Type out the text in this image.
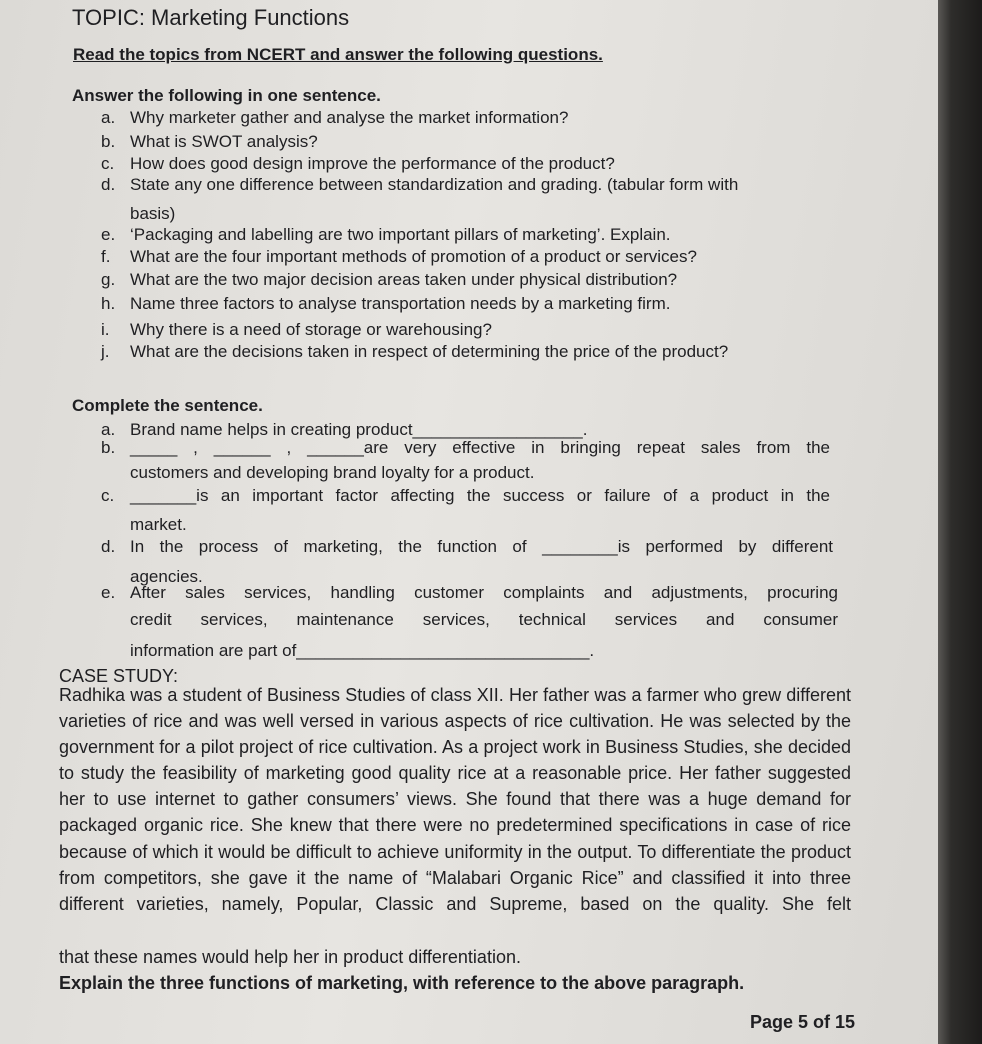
TOPIC: Marketing Functions
Read the topics from NCERT and answer the following questions.
Answer the following in one sentence.
a. Why marketer gather and analyse the market information?
b. What is SWOT analysis?
c. How does good design improve the performance of the product?
d. State any one difference between standardization and grading. (tabular form with
basis)
e. ‘Packaging and labelling are two important pillars of marketing’. Explain.
f. What are the four important methods of promotion of a product or services?
g. What are the two major decision areas taken under physical distribution?
h. Name three factors to analyse transportation needs by a marketing firm.
i. Why there is a need of storage or warehousing?
j. What are the decisions taken in respect of determining the price of the product?
Complete the sentence.
a. Brand name helps in creating product__________________.
b. _____ , ______ , ______are very effective in bringing repeat sales from the
customers and developing brand loyalty for a product.
c. _______is an important factor affecting the success or failure of a product in the
market.
d. In the process of marketing, the function of ________is performed by different
agencies.
e. After sales services, handling customer complaints and adjustments, procuring
credit services, maintenance services, technical services and consumer
information are part of_______________________________.
CASE STUDY:
Radhika was a student of Business Studies of class XII. Her father was a farmer who grew different varieties of rice and was well versed in various aspects of rice cultivation. He was selected by the government for a pilot project of rice cultivation. As a project work in Business Studies, she decided to study the feasibility of marketing good quality rice at a reasonable price. Her father suggested her to use internet to gather consumers’ views. She found that there was a huge demand for packaged organic rice. She knew that there were no predetermined specifications in case of rice because of which it would be difficult to achieve uniformity in the output. To differentiate the product from competitors, she gave it the name of “Malabari Organic Rice” and classified it into three different varieties, namely, Popular, Classic and Supreme, based on the quality. She felt
that these names would help her in product differentiation.
Explain the three functions of marketing, with reference to the above paragraph.
Page 5 of 15
